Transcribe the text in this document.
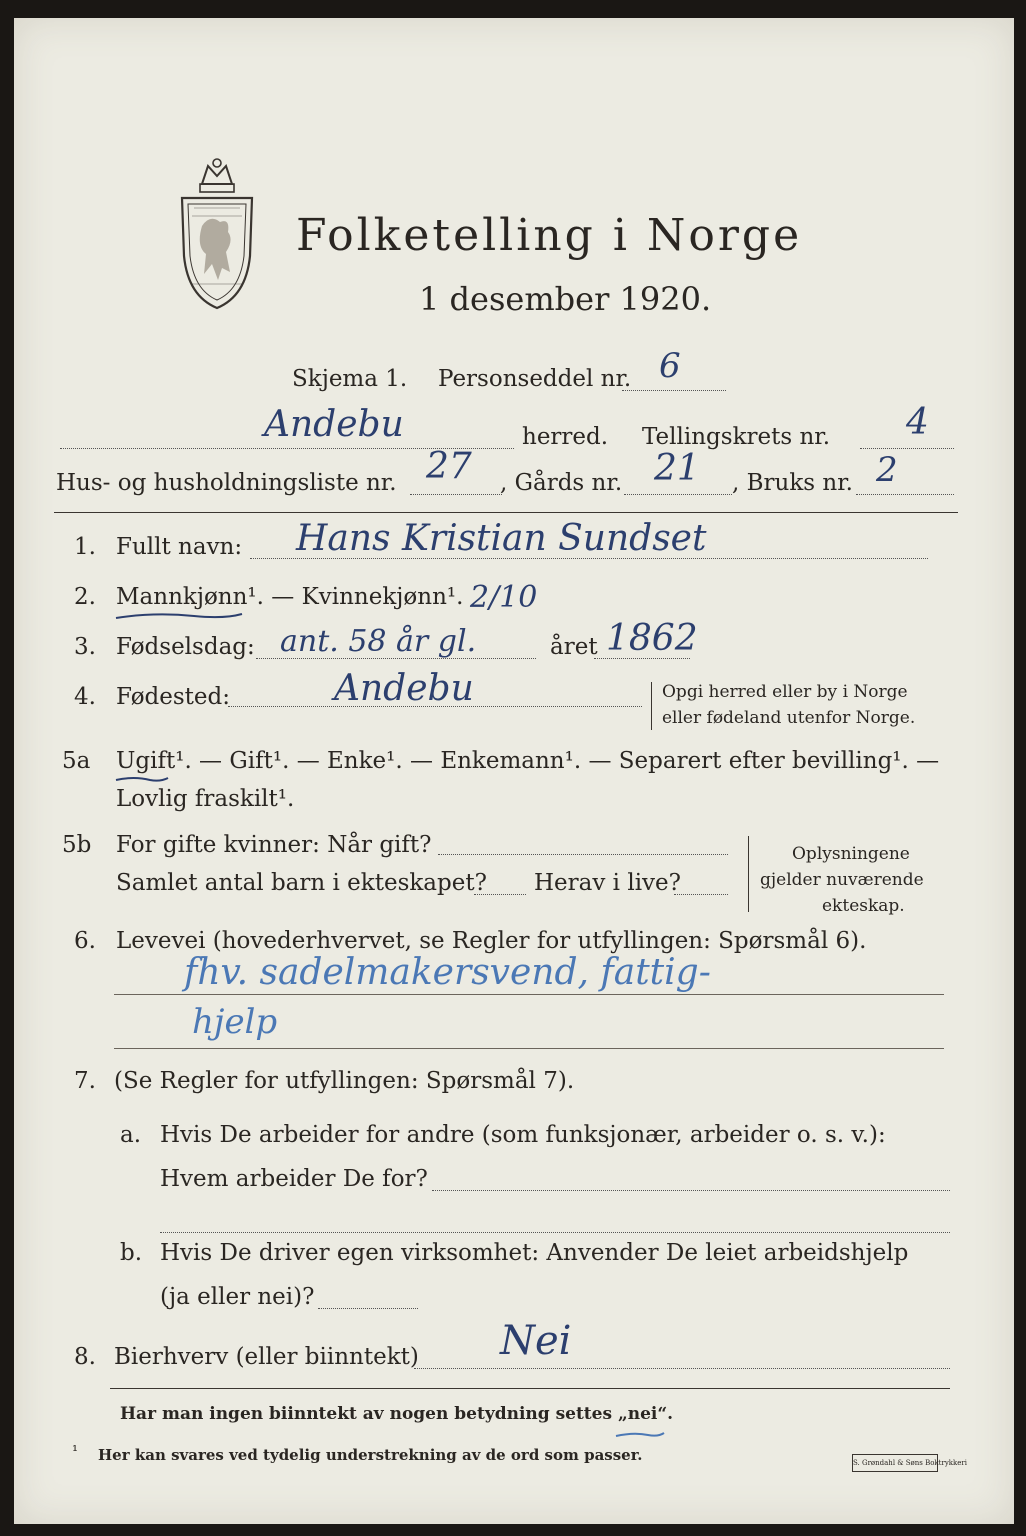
Folketelling i Norge
1 desember 1920.
Skjema 1. Personseddel nr. 6
Andebu	herred. Tellingskrets nr. 4
Hus- og husholdningsliste nr. 27 , Gårds nr. 21 , Bruks nr. 2
1. Fullt navn: Hans Kristian Sundset
2. Mannkjønn¹. — Kvinnekjønn¹. 2/10
3. Fødselsdag: ant. 58 år gl.	året 1862
4. Fødested:	Andebu	Opgi herred eller by i Norge
eller fødeland utenfor Norge.
5a Ugift¹. — Gift¹. — Enke¹. — Enkemann¹. — Separert efter bevilling¹. —
Lovlig fraskilt¹.
5b For gifte kvinner: Når gift?
Samlet antal barn i ekteskapet? Herav i live?
Oplysningene
gjelder nuværende
ekteskap.
6. Levevei (hovederhvervet, se Regler for utfyllingen: Spørsmål 6).
fhv. sadelmakersvend, fattig-
hjelp
7. (Se Regler for utfyllingen: Spørsmål 7).
a. Hvis De arbeider for andre (som funksjonær, arbeider o. s. v.):
Hvem arbeider De for?
b. Hvis De driver egen virksomhet: Anvender De leiet arbeidshjelp
(ja eller nei)?
8. Bierhverv (eller biinntekt) Nei
Har man ingen biinntekt av nogen betydning settes „nei“.
¹ Her kan svares ved tydelig understrekning av de ord som passer.	S. Grøndahl & Søns Boktrykkeri
